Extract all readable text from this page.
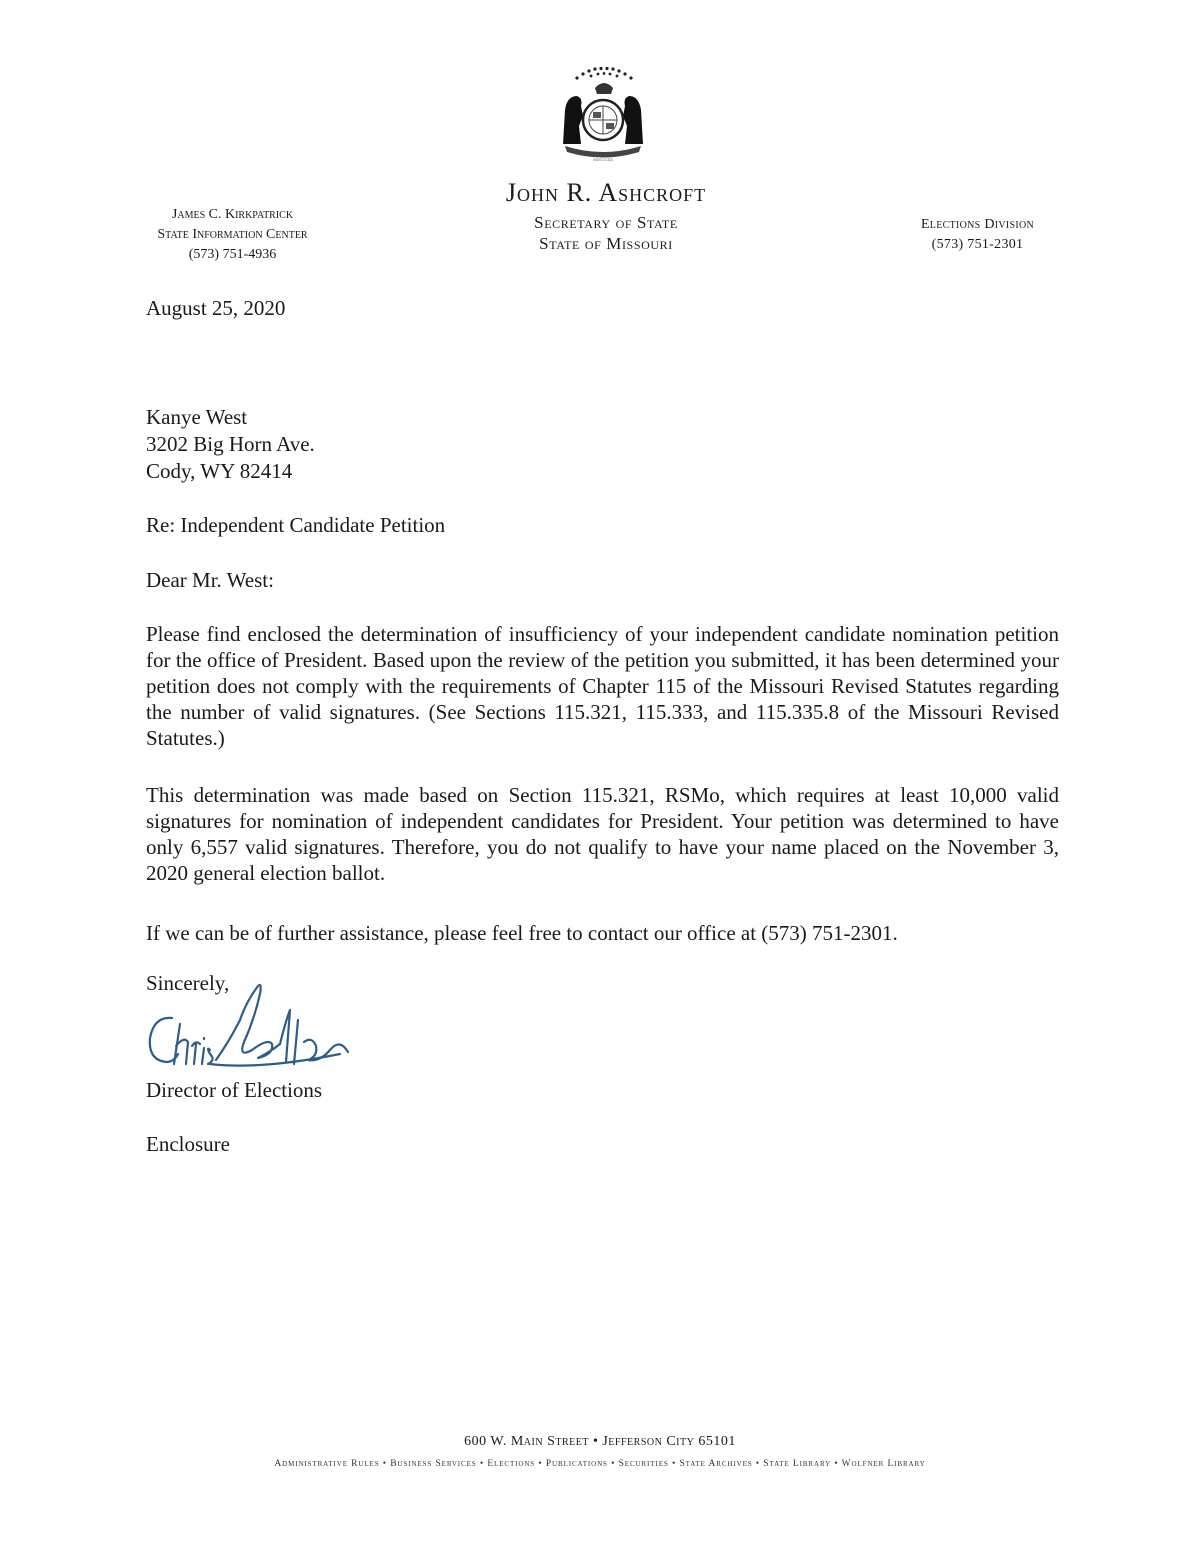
MDCCCXX
John R. Ashcroft
Secretary of State
State of Missouri
James C. Kirkpatrick
State Information Center
(573) 751-4936
Elections Division
(573) 751-2301
August 25, 2020
Kanye West
3202 Big Horn Ave.
Cody, WY 82414
Re: Independent Candidate Petition
Dear Mr. West:
Please find enclosed the determination of insufficiency of your independent candidate nomination petition for the office of President. Based upon the review of the petition you submitted, it has been determined your petition does not comply with the requirements of Chapter 115 of the Missouri Revised Statutes regarding the number of valid signatures. (See Sections 115.321, 115.333, and 115.335.8 of the Missouri Revised Statutes.)
This determination was made based on Section 115.321, RSMo, which requires at least 10,000 valid signatures for nomination of independent candidates for President. Your petition was determined to have only 6,557 valid signatures. Therefore, you do not qualify to have your name placed on the November 3, 2020 general election ballot.
If we can be of further assistance, please feel free to contact our office at (573) 751-2301.
Sincerely,
Director of Elections
Enclosure
600 W. Main Street • Jefferson City 65101
Administrative Rules • Business Services • Elections • Publications • Securities • State Archives • State Library • Wolfner Library
